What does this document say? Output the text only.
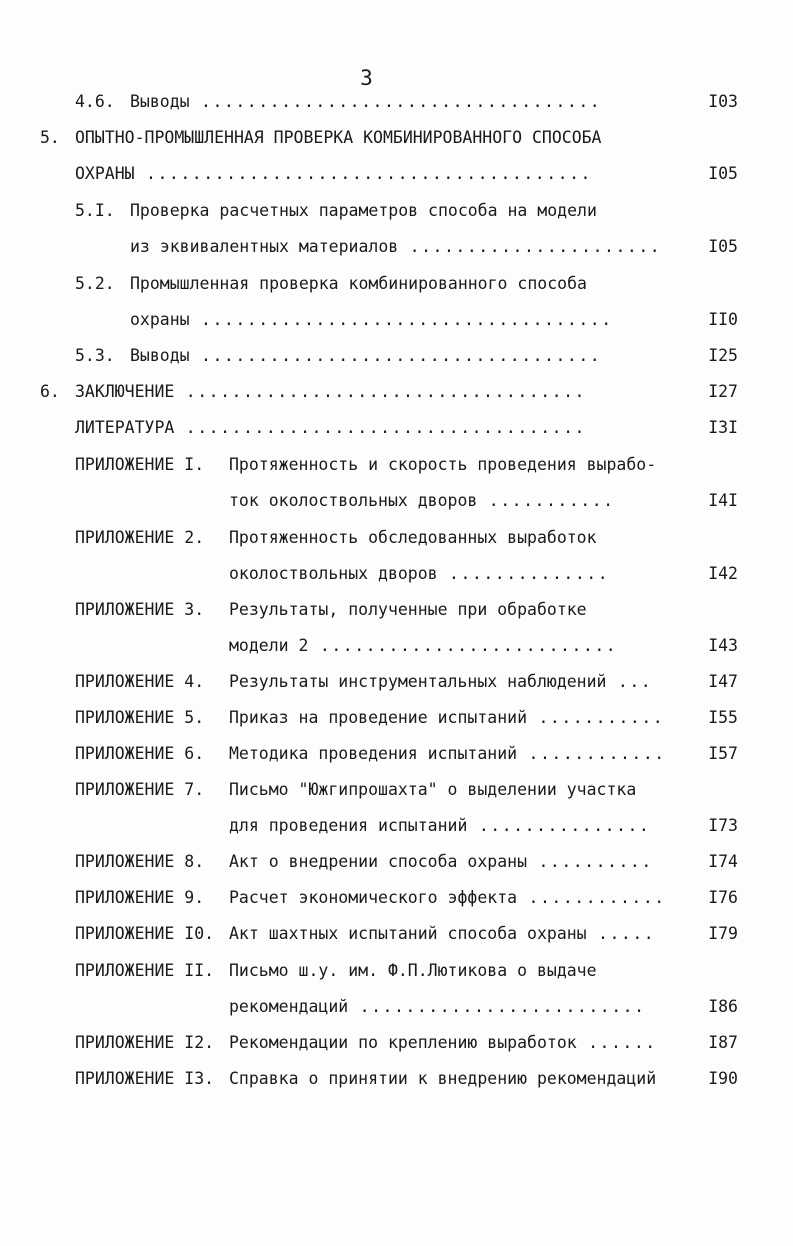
3
4.6. Выводы ...................................	I03
5. ОПЫТНО-ПРОМЫШЛЕННАЯ ПРОВЕРКА КОМБИНИРОВАННОГО СПОСОБА
ОХРАНЫ .......................................	I05
5.I. Проверка расчетных параметров способа на модели
из эквивалентных материалов ......................	I05
5.2. Промышленная проверка комбинированного способа
охраны ....................................	II0
5.3. Выводы ...................................	I25
6. ЗАКЛЮЧЕНИЕ ...................................	I27
ЛИТЕРАТУРА ...................................	I3I
ПРИЛОЖЕНИЕ I. Протяженность и скорость проведения вырабо-
ток околоствольных дворов ...........	I4I
ПРИЛОЖЕНИЕ 2. Протяженность обследованных выработок
околоствольных дворов ..............	I42
ПРИЛОЖЕНИЕ 3. Результаты, полученные при обработке
модели 2 ..........................	I43
ПРИЛОЖЕНИЕ 4. Результаты инструментальных наблюдений ...	I47
ПРИЛОЖЕНИЕ 5. Приказ на проведение испытаний ...........	I55
ПРИЛОЖЕНИЕ 6. Методика проведения испытаний ............	I57
ПРИЛОЖЕНИЕ 7. Письмо "Южгипрошахта" о выделении участка
для проведения испытаний ...............	I73
ПРИЛОЖЕНИЕ 8. Акт о внедрении способа охраны ..........	I74
ПРИЛОЖЕНИЕ 9. Расчет экономического эффекта ............	I76
ПРИЛОЖЕНИЕ I0. Акт шахтных испытаний способа охраны .....	I79
ПРИЛОЖЕНИЕ II. Письмо ш.у. им. Ф.П.Лютикова о выдаче
рекомендаций .........................	I86
ПРИЛОЖЕНИЕ I2. Рекомендации по креплению выработок ......	I87
ПРИЛОЖЕНИЕ I3. Справка о принятии к внедрению рекомендаций	I90
